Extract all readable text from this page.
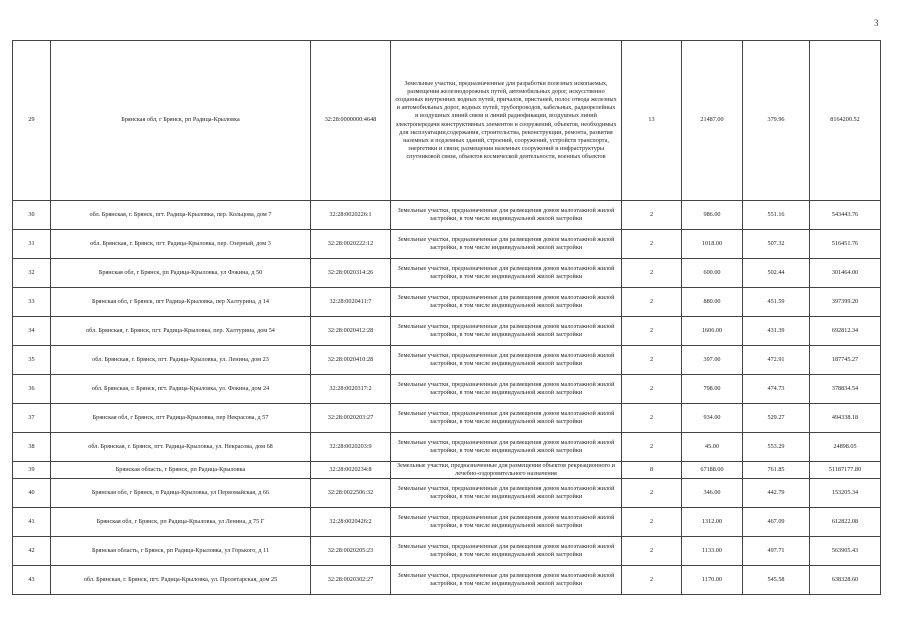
3
29	Брянская обл, г Брянск, рп Радица-Крыловка	32:28:0000000:4648	Земельные участки, предназначенные для разработки полезных ископаемых, размещения железнодорожных путей, автомобильных дорог, искусственно созданных внутренних водных путей, причалов, пристаней, полос отвода железных и автомобильных дорог, водных путей, трубопроводов, кабельных, радиорелейных и воздушных линий связи и линий радиофикации, воздушных линий электропередачи конструктивных элементов и сооружений, объектов, необходимых для эксплуатации,содержания, строительства, реконструкции, ремонта, развития наземных и подземных зданий, строений, сооружений, устройств транспорта, энергетики и связи; размещения наземных сооружений и инфраструктуры спутниковой связи, объектов космической деятельности, военных объектов	13	21487.00	379.96	8164200.52
30	обл. Брянская, г. Брянск, пгт. Радица-Крыловка, пер. Кольцова, дом 7	32:28:0020226:1	Земельные участки, предназначенные для размещения домов малоэтажной жилой застройки, в том числе индивидуальной жилой застройки	2	986.00	551.16	543443.76
31	обл. Брянская, г. Брянск, пгт. Радица-Крыловка, пер. Озерный, дом 3	32:28:0020222:12	Земельные участки, предназначенные для размещения домов малоэтажной жилой застройки, в том числе индивидуальной жилой застройки	2	1018.00	507.32	516451.76
32	Брянская обл, г Брянск, рп Радица-Крыловка, ул Фокина, д 50	32:28:0020314:26	Земельные участки, предназначенные для размещения домов малоэтажной жилой застройки, в том числе индивидуальной жилой застройки	2	600.00	502.44	301464.00
33	Брянская обл, г Брянск, пгт Радица-Крыловка, пер Халтурина, д 14	32:28:0020411:7	Земельные участки, предназначенные для размещения домов малоэтажной жилой застройки, в том числе индивидуальной жилой застройки	2	880.00	451.59	397399.20
34	обл. Брянская, г. Брянск, пгт. Радица-Крыловка, пер. Халтурина, дом 54	32:28:0020412:28	Земельные участки, предназначенные для размещения домов малоэтажной жилой застройки, в том числе индивидуальной жилой застройки	2	1606.00	431.39	692812.34
35	обл. Брянская, г. Брянск, пгт. Радица-Крыловка, ул. Ленина, дом 23	32:28:0020410:28	Земельные участки, предназначенные для размещения домов малоэтажной жилой застройки, в том числе индивидуальной жилой застройки	2	397.00	472.91	187745.27
36	обл. Брянская, г. Брянск, пгт. Радица-Крыловка, ул. Фокина, дом 24	32:28:0020317:2	Земельные участки, предназначенные для размещения домов малоэтажной жилой застройки, в том числе индивидуальной жилой застройки	2	798.00	474.73	378834.54
37	Брянская обл, г Брянск, пгт Радица-Крыловка, пер Некрасова, д 57	32:28:0020203:27	Земельные участки, предназначенные для размещения домов малоэтажной жилой застройки, в том числе индивидуальной жилой застройки	2	934.00	529.27	494338.18
38	обл. Брянская, г. Брянск, пгт. Радица-Крыловка, ул. Некрасова, дом 68	32:28:0020203:9	Земельные участки, предназначенные для размещения домов малоэтажной жилой застройки, в том числе индивидуальной жилой застройки	2	45.00	553.29	24898.05
39	Брянская область, г Брянск, рп Радица-Крыловка	32:28:0020234:8	Земельные участки, предназначенные для размещения объектов рекреационного и лечебно-оздоровительного назначения	8	67188.00	761.85	51187177.80
40	Брянская обл, г Брянск, п Радица-Крыловка, ул Первомайская, д 66	32:28:0022506:32	Земельные участки, предназначенные для размещения домов малоэтажной жилой застройки, в том числе индивидуальной жилой застройки	2	346.00	442.79	153205.34
41	Брянская обл, г Брянск, рп Радица-Крыловка, ул Ленина, д 75 Г	32:28:0020426:2	Земельные участки, предназначенные для размещения домов малоэтажной жилой застройки, в том числе индивидуальной жилой застройки	2	1312.00	467.09	612822.08
42	Брянская область, г Брянск, рп Радица-Крыловка, ул Горького, д 11	32:28:0020205:23	Земельные участки, предназначенные для размещения домов малоэтажной жилой застройки, в том числе индивидуальной жилой застройки	2	1133.00	497.71	563905.43
43	обл. Брянская, г. Брянск, пгт. Радица-Крыловка, ул. Пролетарская, дом 25	32:28:0020302:27	Земельные участки, предназначенные для размещения домов малоэтажной жилой застройки, в том числе индивидуальной жилой застройки	2	1170.00	545.58	638328.60
